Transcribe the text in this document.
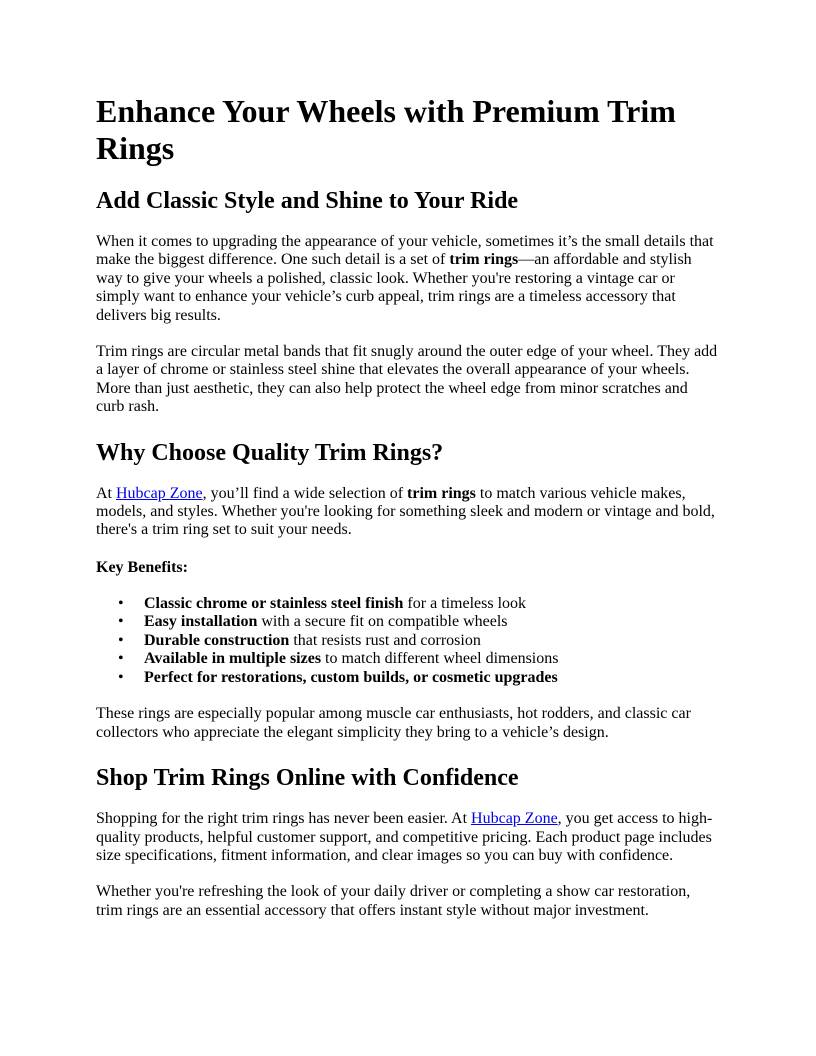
Enhance Your Wheels with Premium Trim Rings
Add Classic Style and Shine to Your Ride

When it comes to upgrading the appearance of your vehicle, sometimes it’s the small details that make the biggest difference. One such detail is a set of trim rings—an affordable and stylish way to give your wheels a polished, classic look. Whether you're restoring a vintage car or simply want to enhance your vehicle’s curb appeal, trim rings are a timeless accessory that delivers big results.

Trim rings are circular metal bands that fit snugly around the outer edge of your wheel. They add a layer of chrome or stainless steel shine that elevates the overall appearance of your wheels. More than just aesthetic, they can also help protect the wheel edge from minor scratches and curb rash.

Why Choose Quality Trim Rings?

At Hubcap Zone, you’ll find a wide selection of trim rings to match various vehicle makes, models, and styles. Whether you're looking for something sleek and modern or vintage and bold, there's a trim ring set to suit your needs.

Key Benefits:
• Classic chrome or stainless steel finish for a timeless look
• Easy installation with a secure fit on compatible wheels
• Durable construction that resists rust and corrosion
• Available in multiple sizes to match different wheel dimensions
• Perfect for restorations, custom builds, or cosmetic upgrades

These rings are especially popular among muscle car enthusiasts, hot rodders, and classic car collectors who appreciate the elegant simplicity they bring to a vehicle’s design.

Shop Trim Rings Online with Confidence

Shopping for the right trim rings has never been easier. At Hubcap Zone, you get access to high-quality products, helpful customer support, and competitive pricing. Each product page includes size specifications, fitment information, and clear images so you can buy with confidence.

Whether you're refreshing the look of your daily driver or completing a show car restoration, trim rings are an essential accessory that offers instant style without major investment.
